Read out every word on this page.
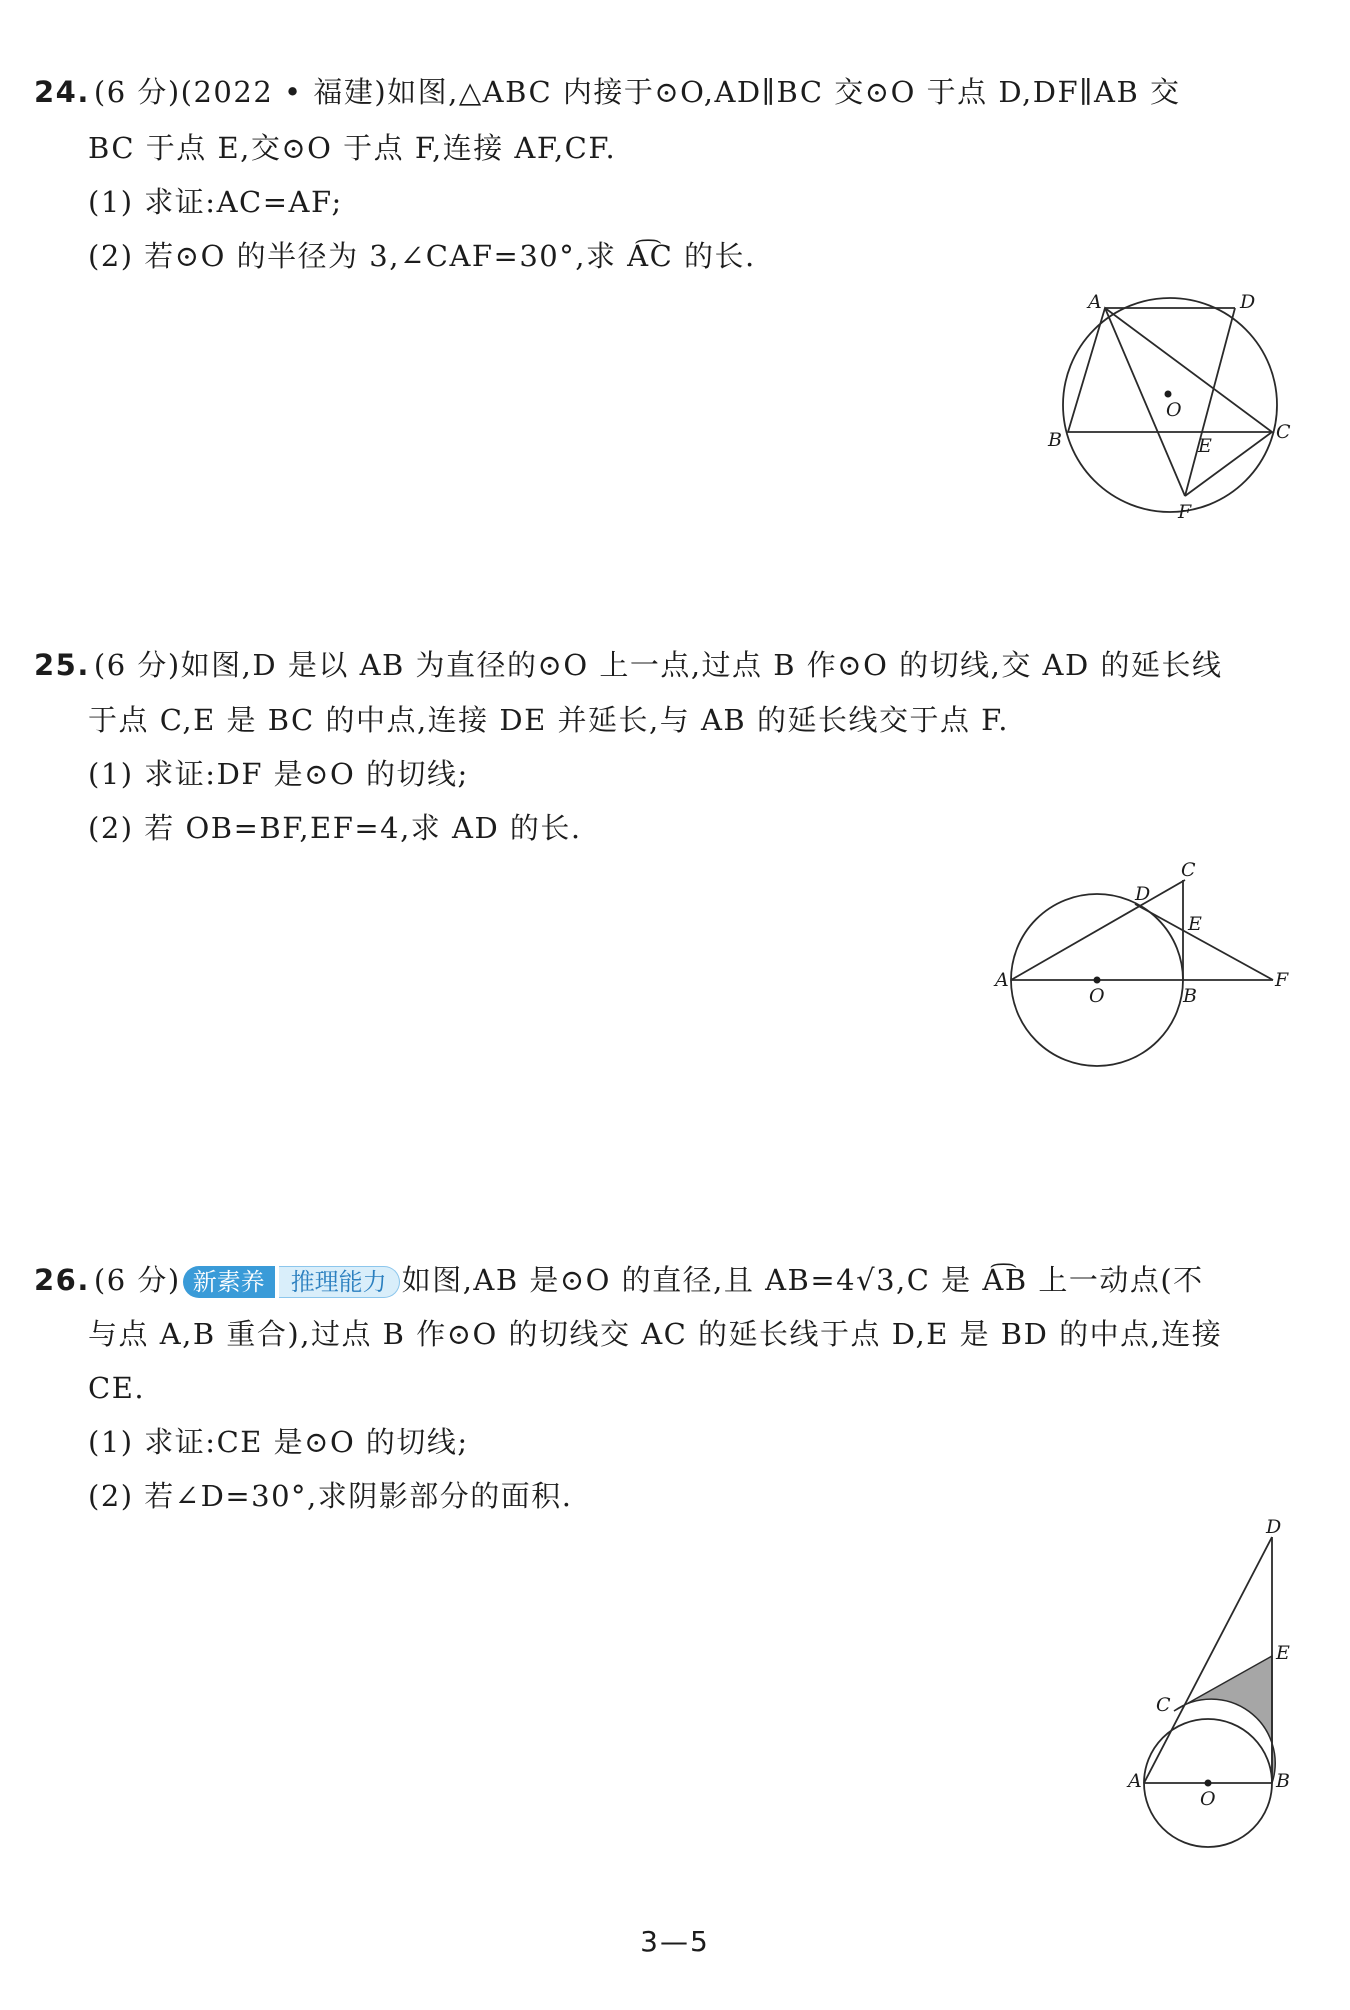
24. (6 分)(2022 • 福建)如图,△ABC 内接于⊙O,AD∥BC 交⊙O 于点 D,DF∥AB 交
BC 于点 E,交⊙O 于点 F,连接 AF,CF.
(1) 求证:AC=AF;
(2) 若⊙O 的半径为 3,∠CAF=30°,求 A͡C 的长.
A	D
O
B	E
C
F
25. (6 分)如图,D 是以 AB 为直径的⊙O 上一点,过点 B 作⊙O 的切线,交 AD 的延长线
于点 C,E 是 BC 的中点,连接 DE 并延长,与 AB 的延长线交于点 F.
(1) 求证:DF 是⊙O 的切线;
(2) 若 OB=BF,EF=4,求 AD 的长.
C
D
E
A
O	B
F
26. (6 分) 新素养 推理能力 如图,AB 是⊙O 的直径,且 AB=4√3,C 是 A͡B 上一动点(不
与点 A,B 重合),过点 B 作⊙O 的切线交 AC 的延长线于点 D,E 是 BD 的中点,连接
CE.
(1) 求证:CE 是⊙O 的切线;
(2) 若∠D=30°,求阴影部分的面积.
D
E
C
A
O
B
3—5
